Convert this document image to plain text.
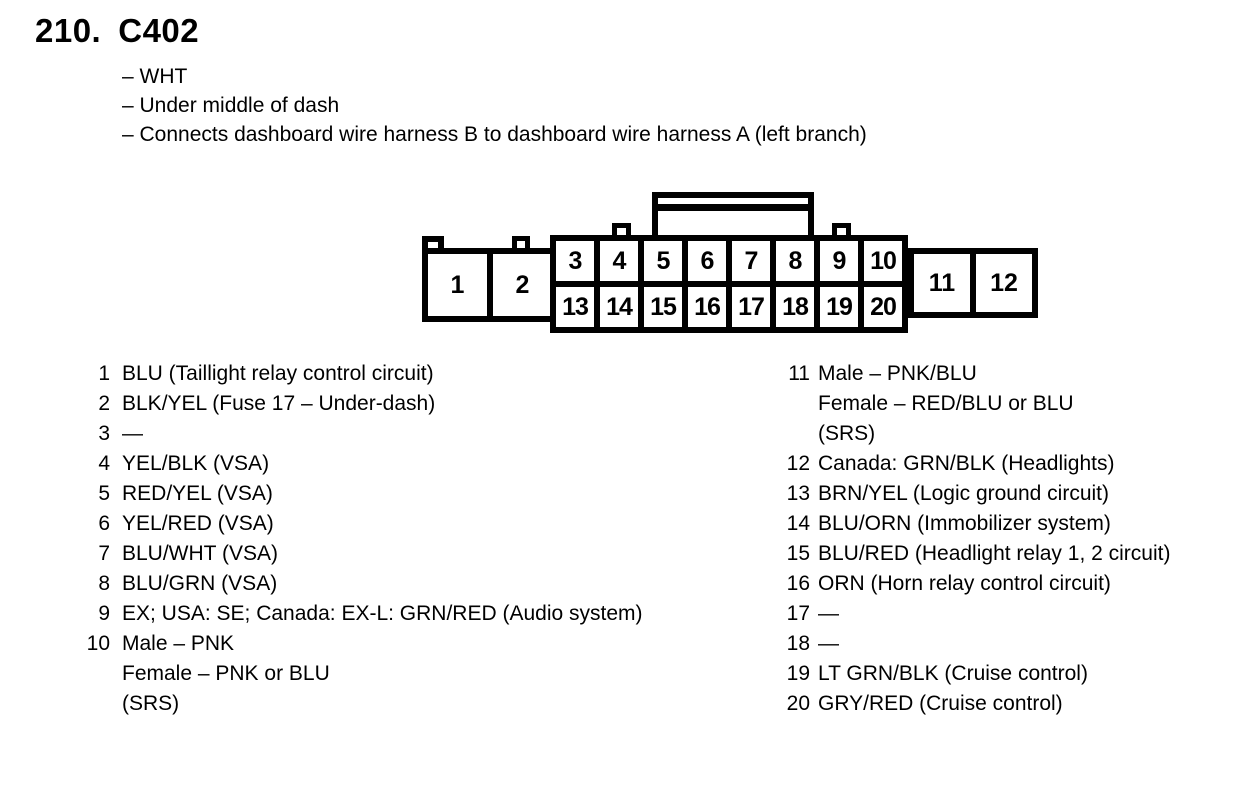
210. C402
– WHT
– Under middle of dash
– Connects dashboard wire harness B to dashboard wire harness A (left branch)
1	2
3	4	5	6	7	8	9 10
13 14 15 16 17 18 19 20
11	12
1 BLU (Taillight relay control circuit)
2 BLK/YEL (Fuse 17 – Under-dash)
3 —
4 YEL/BLK (VSA)
5 RED/YEL (VSA)
6 YEL/RED (VSA)
7 BLU/WHT (VSA)
8 BLU/GRN (VSA)
9 EX; USA: SE; Canada: EX-L: GRN/RED (Audio system)
10 Male – PNK
Female – PNK or BLU
(SRS)
11 Male – PNK/BLU
Female – RED/BLU or BLU
(SRS)
12 Canada: GRN/BLK (Headlights)
13 BRN/YEL (Logic ground circuit)
14 BLU/ORN (Immobilizer system)
15 BLU/RED (Headlight relay 1, 2 circuit)
16 ORN (Horn relay control circuit)
17 —
18 —
19 LT GRN/BLK (Cruise control)
20 GRY/RED (Cruise control)
